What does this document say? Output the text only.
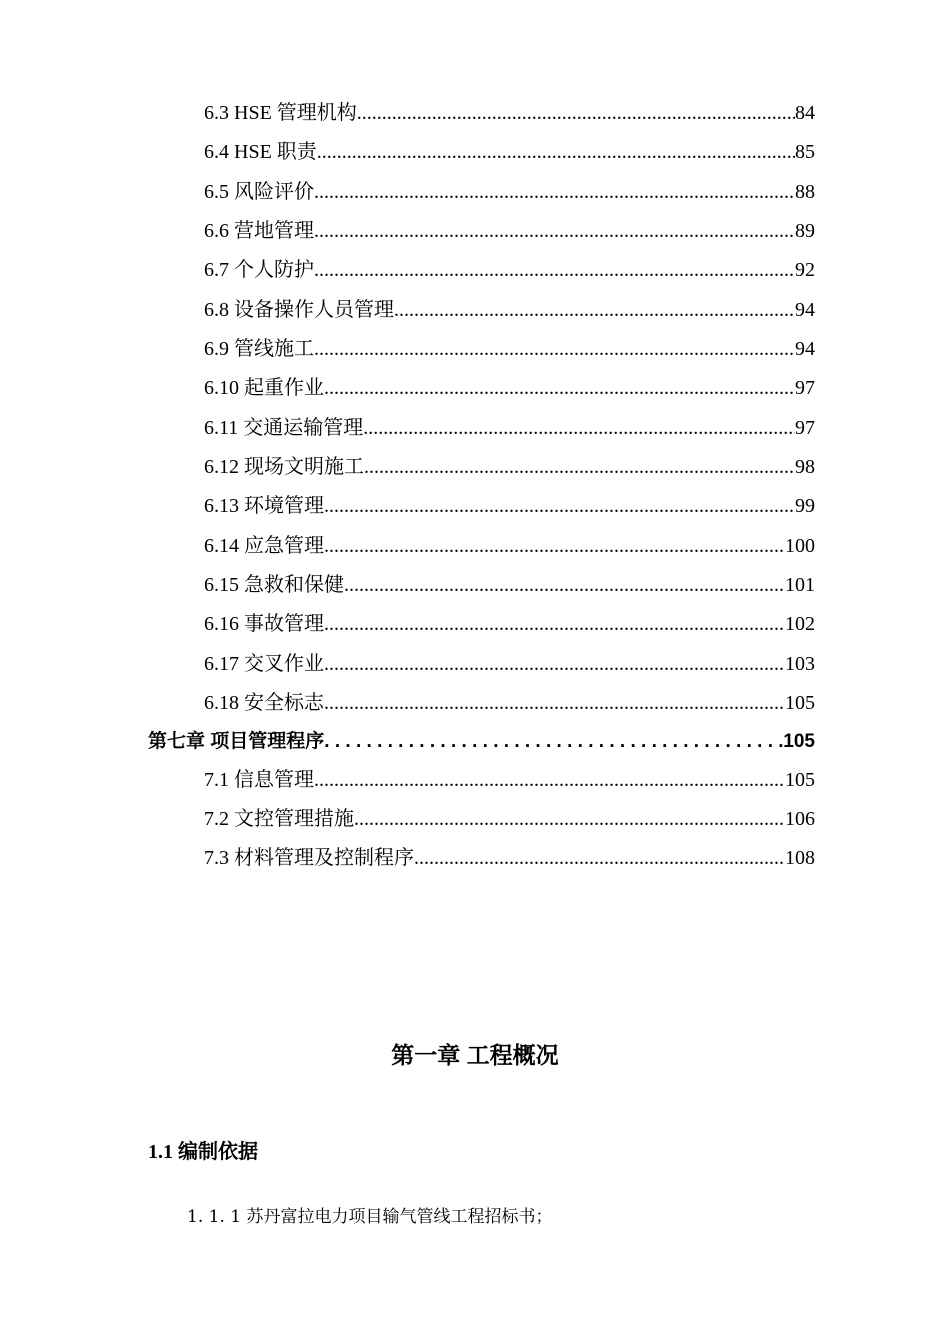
6.3 HSE 管理机构 .....	84
6.4 HSE 职责 .....	85
6.5 风险评价 .....	88
6.6 营地管理 .....	89
6.7 个人防护 .....	92
6.8 设备操作人员管理 .....	94
6.9 管线施工 .....	94
6.10 起重作业 .....	97
6.11 交通运输管理 .....	97
6.12 现场文明施工 .....	98
6.13 环境管理 .....	99
6.14 应急管理 .....	100
6.15 急救和保健 .....	101
6.16 事故管理 .....	102
6.17 交叉作业 .....	103
6.18 安全标志 .....	105
第七章 项目管理程序 . . .	105
7.1 信息管理 .....	105
7.2 文控管理措施 .....	106
7.3 材料管理及控制程序 .....	108
第一章 工程概况
1.1 编制依据
1. 1. 1 苏丹富拉电力项目输气管线工程招标书；
